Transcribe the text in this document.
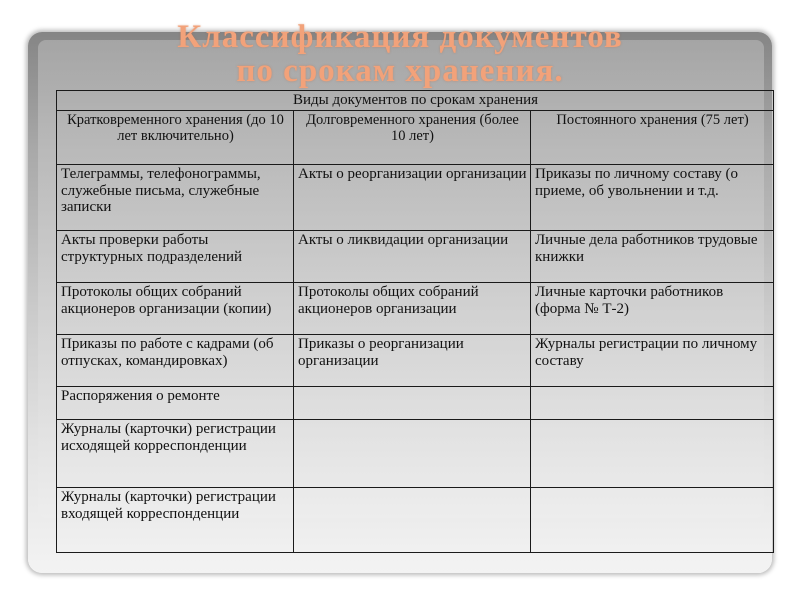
Классификация документов
по срокам хранения.
Виды документов по срокам хранения		
Кратковременного хранения (до 10 лет включительно)	Долговременного хранения (более 10 лет)	Постоянного хранения (75 лет)
Телеграммы, телефонограммы, служебные письма, служебные записки	Акты о реорганизации организации	Приказы по личному составу (о приеме, об увольнении и т.д.
Акты проверки работы структурных подразделений	Акты о ликвидации организации	Личные дела работников трудовые книжки
Протоколы общих собраний акционеров организации (копии)	Протоколы общих собраний акционеров организации	Личные карточки работников (форма № Т-2)
Приказы по работе с кадрами (об отпусках, командировках)	Приказы о реорганизации организации	Журналы регистрации по личному составу
Распоряжения о ремонте		
Журналы (карточки) регистрации исходящей корреспонденции		
Журналы (карточки) регистрации входящей корреспонденции		
